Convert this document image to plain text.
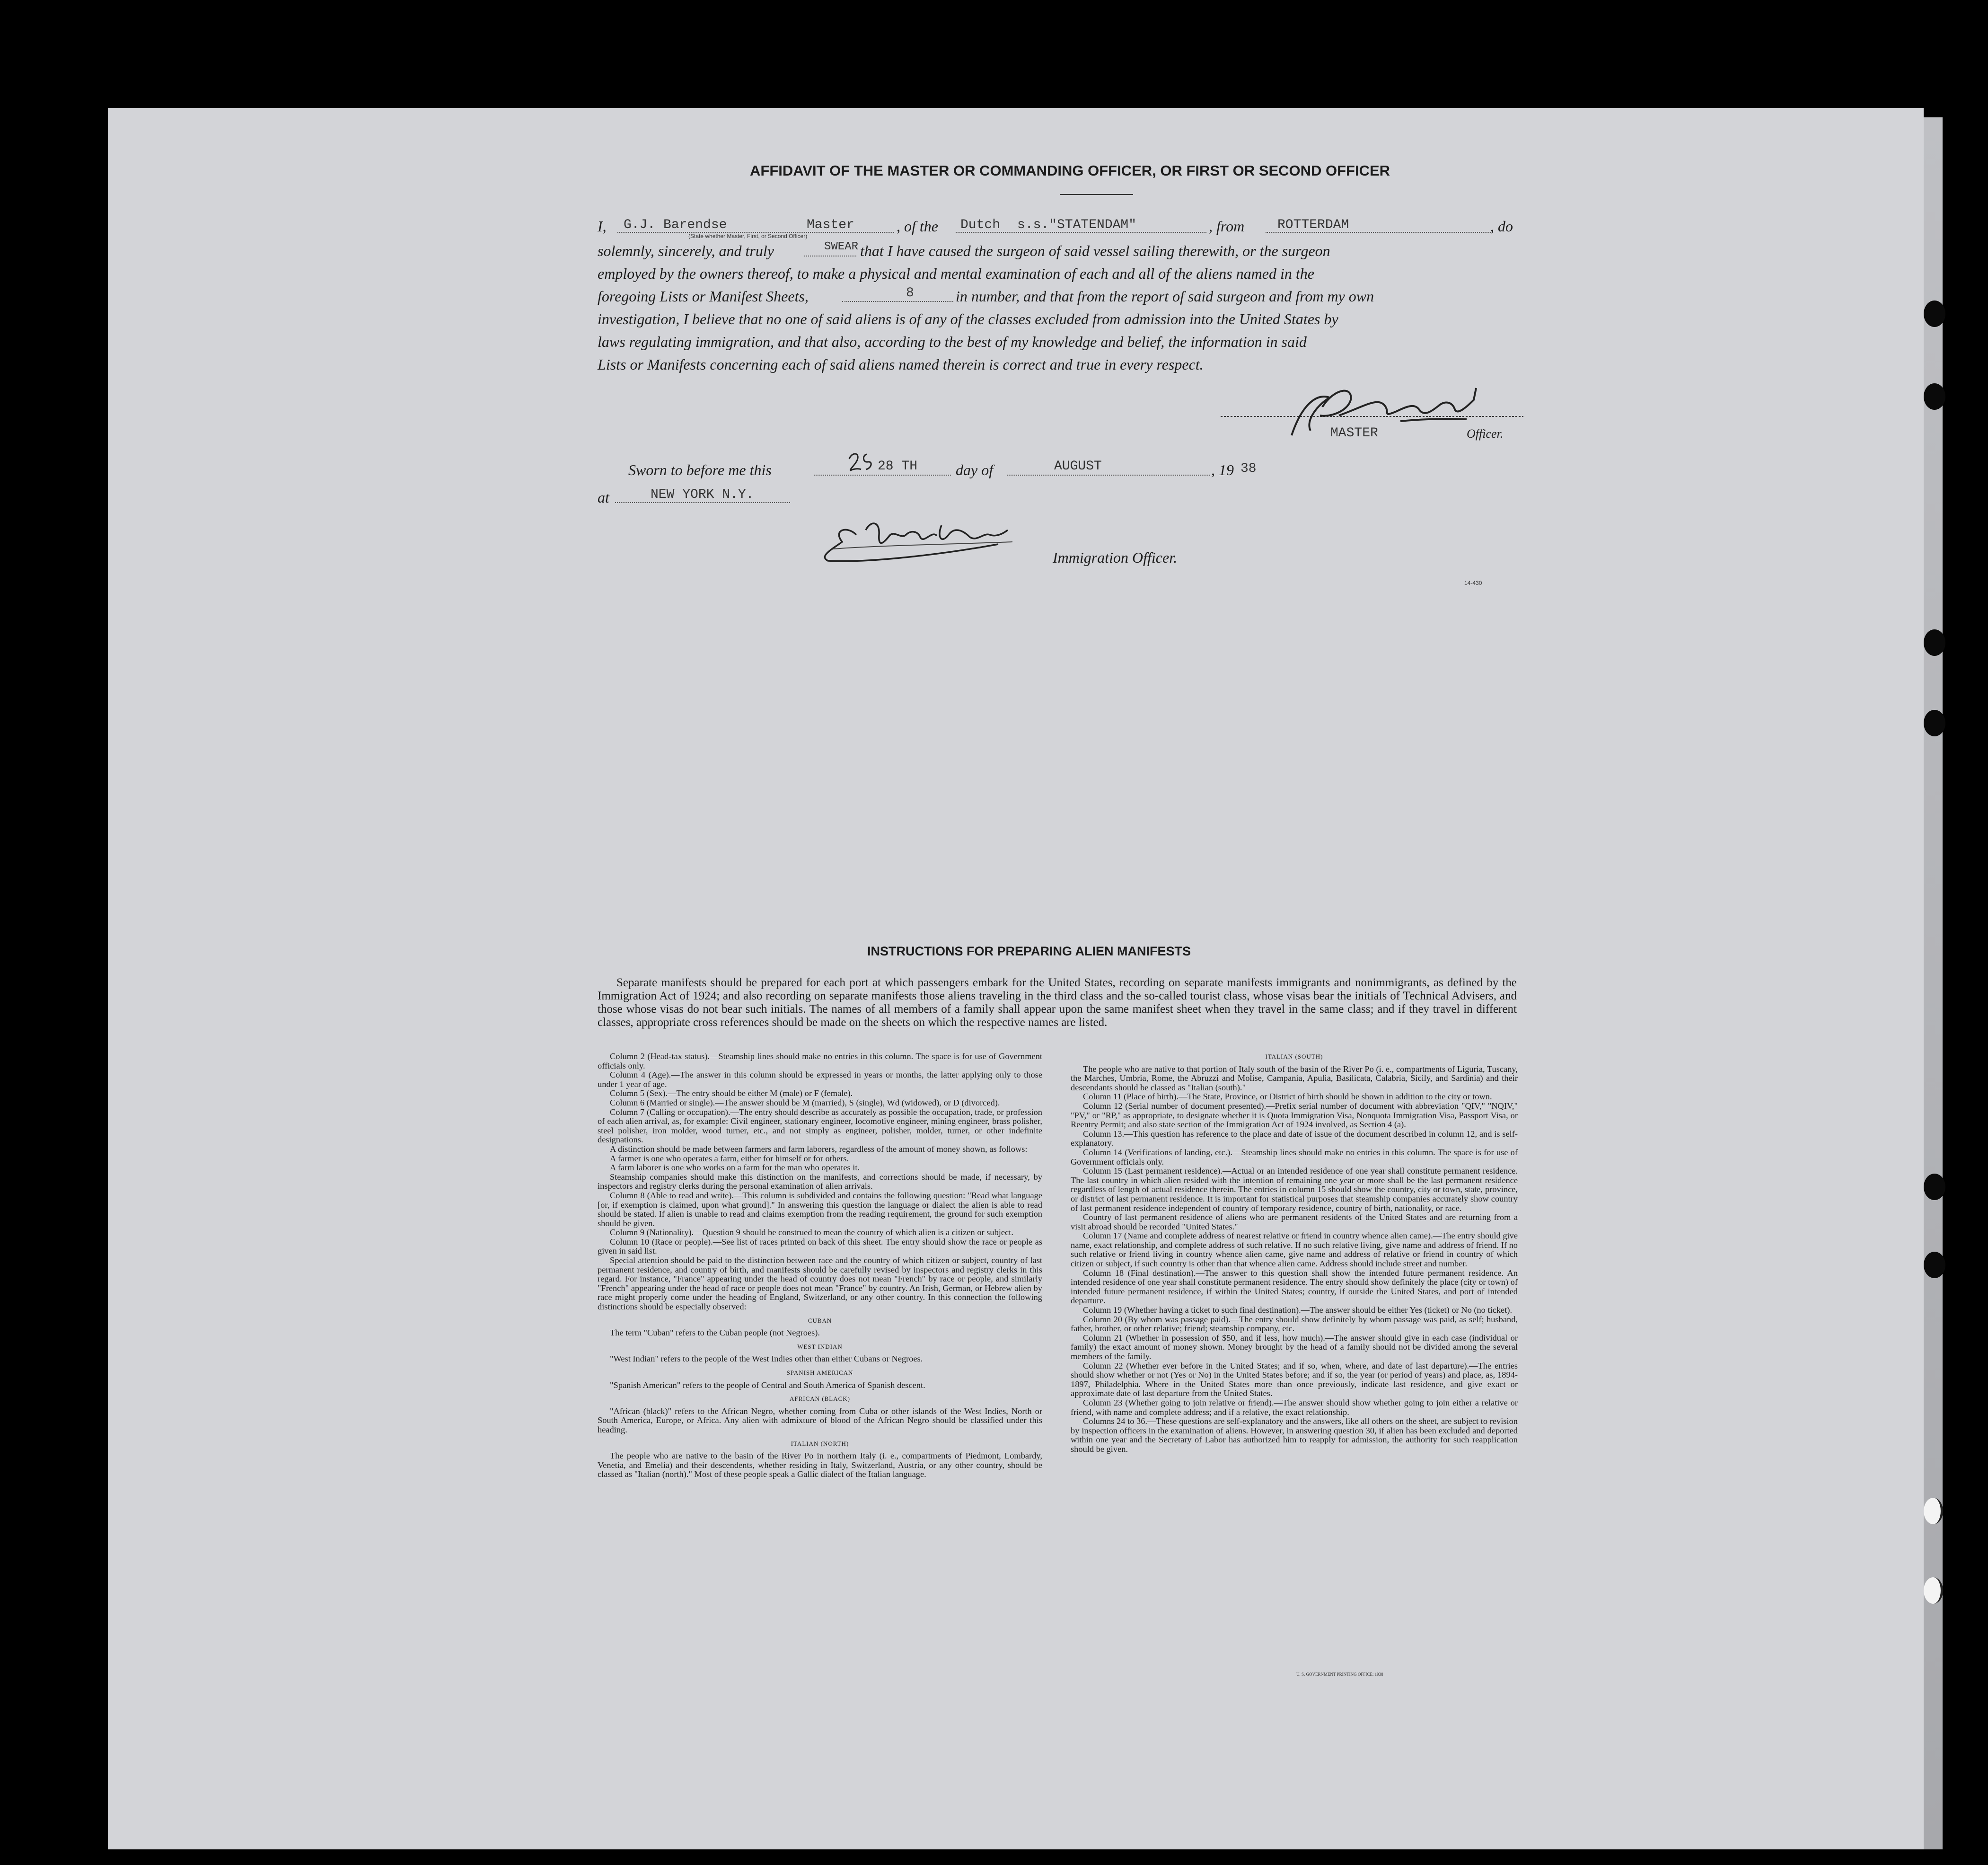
AFFIDAVIT OF THE MASTER OR COMMANDING OFFICER, OR FIRST OR SECOND OFFICER
I, G.J. Barendse	Master	, of the Dutch s.s."STATENDAM"	, from ROTTERDAM	, do
(State whether Master, First, or Second Officer)
solemnly, sincerely, and truly	SWEAR that I have caused the surgeon of said vessel sailing therewith, or the surgeon
employed by the owners thereof, to make a physical and mental examination of each and all of the aliens named in the
foregoing Lists or Manifest Sheets,	8	in number, and that from the report of said surgeon and from my own
investigation, I believe that no one of said aliens is of any of the classes excluded from admission into the United States by
laws regulating immigration, and that also, according to the best of my knowledge and belief, the information in said
Lists or Manifests concerning each of said aliens named therein is correct and true in every respect.
MASTER	Officer.
Sworn to before me this	28 TH	day of	AUGUST	, 19 38
at	NEW YORK N.Y.
Immigration Officer.
14-430
INSTRUCTIONS FOR PREPARING ALIEN MANIFESTS

Separate manifests should be prepared for each port at which passengers embark for the United States, recording on separate manifests immigrants and nonimmigrants, as defined by the Immigration Act of 1924; and also recording on separate manifests those aliens traveling in the third class and the so-called tourist class, whose visas bear the initials of Technical Advisers, and those whose visas do not bear such initials. The names of all members of a family shall appear upon the same manifest sheet when they travel in the same class; and if they travel in different classes, appropriate cross references should be made on the sheets on which the respective names are listed.

Column 2 (Head-tax status).—Steamship lines should make no entries in this column. The space is for use of Government officials only.

Column 4 (Age).—The answer in this column should be expressed in years or months, the latter applying only to those under 1 year of age.

Column 5 (Sex).—The entry should be either M (male) or F (female).

Column 6 (Married or single).—The answer should be M (married), S (single), Wd (widowed), or D (divorced).

Column 7 (Calling or occupation).—The entry should describe as accurately as possible the occupation, trade, or profession of each alien arrival, as, for example: Civil engineer, stationary engineer, locomotive engineer, mining engineer, brass polisher, steel polisher, iron molder, wood turner, etc., and not simply as engineer, polisher, molder, turner, or other indefinite designations.

A distinction should be made between farmers and farm laborers, regardless of the amount of money shown, as follows:

A farmer is one who operates a farm, either for himself or for others.

A farm laborer is one who works on a farm for the man who operates it.

Steamship companies should make this distinction on the manifests, and corrections should be made, if necessary, by inspectors and registry clerks during the personal examination of alien arrivals.

Column 8 (Able to read and write).—This column is subdivided and contains the following question: "Read what language [or, if exemption is claimed, upon what ground]." In answering this question the language or dialect the alien is able to read should be stated. If alien is unable to read and claims exemption from the reading requirement, the ground for such exemption should be given.

Column 9 (Nationality).—Question 9 should be construed to mean the country of which alien is a citizen or subject.

Column 10 (Race or people).—See list of races printed on back of this sheet. The entry should show the race or people as given in said list.

Special attention should be paid to the distinction between race and the country of which citizen or subject, country of last permanent residence, and country of birth, and manifests should be carefully revised by inspectors and registry clerks in this regard. For instance, "France" appearing under the head of country does not mean "French" by race or people, and similarly "French" appearing under the head of race or people does not mean "France" by country. An Irish, German, or Hebrew alien by race might properly come under the heading of England, Switzerland, or any other country. In this connection the following distinctions should be especially observed:

CUBAN

The term "Cuban" refers to the Cuban people (not Negroes).

WEST INDIAN

"West Indian" refers to the people of the West Indies other than either Cubans or Negroes.

SPANISH AMERICAN

"Spanish American" refers to the people of Central and South America of Spanish descent.

AFRICAN (BLACK)

"African (black)" refers to the African Negro, whether coming from Cuba or other islands of the West Indies, North or South America, Europe, or Africa. Any alien with admixture of blood of the African Negro should be classified under this heading.

ITALIAN (NORTH)

The people who are native to the basin of the River Po in northern Italy (i. e., compartments of Piedmont, Lombardy, Venetia, and Emelia) and their descendents, whether residing in Italy, Switzerland, Austria, or any other country, should be classed as "Italian (north)." Most of these people speak a Gallic dialect of the Italian language.

ITALIAN (SOUTH)

The people who are native to that portion of Italy south of the basin of the River Po (i. e., compartments of Liguria, Tuscany, the Marches, Umbria, Rome, the Abruzzi and Molise, Campania, Apulia, Basilicata, Calabria, Sicily, and Sardinia) and their descendants should be classed as "Italian (south)."

Column 11 (Place of birth).—The State, Province, or District of birth should be shown in addition to the city or town.

Column 12 (Serial number of document presented).—Prefix serial number of document with abbreviation "QIV," "NQIV," "PV," or "RP," as appropriate, to designate whether it is Quota Immigration Visa, Nonquota Immigration Visa, Passport Visa, or Reentry Permit; and also state section of the Immigration Act of 1924 involved, as Section 4 (a).

Column 13.—This question has reference to the place and date of issue of the document described in column 12, and is self-explanatory.

Column 14 (Verifications of landing, etc.).—Steamship lines should make no entries in this column. The space is for use of Government officials only.

Column 15 (Last permanent residence).—Actual or an intended residence of one year shall constitute permanent residence. The last country in which alien resided with the intention of remaining one year or more shall be the last permanent residence regardless of length of actual residence therein. The entries in column 15 should show the country, city or town, state, province, or district of last permanent residence. It is important for statistical purposes that steamship companies accurately show country of last permanent residence independent of country of temporary residence, country of birth, nationality, or race.

Country of last permanent residence of aliens who are permanent residents of the United States and are returning from a visit abroad should be recorded "United States."

Column 17 (Name and complete address of nearest relative or friend in country whence alien came).—The entry should give name, exact relationship, and complete address of such relative. If no such relative living, give name and address of friend. If no such relative or friend living in country whence alien came, give name and address of relative or friend in country of which citizen or subject, if such country is other than that whence alien came. Address should include street and number.

Column 18 (Final destination).—The answer to this question shall show the intended future permanent residence. An intended residence of one year shall constitute permanent residence. The entry should show definitely the place (city or town) of intended future permanent residence, if within the United States; country, if outside the United States, and port of intended departure.

Column 19 (Whether having a ticket to such final destination).—The answer should be either Yes (ticket) or No (no ticket).

Column 20 (By whom was passage paid).—The entry should show definitely by whom passage was paid, as self; husband, father, brother, or other relative; friend; steamship company, etc.

Column 21 (Whether in possession of $50, and if less, how much).—The answer should give in each case (individual or family) the exact amount of money shown. Money brought by the head of a family should not be divided among the several members of the family.

Column 22 (Whether ever before in the United States; and if so, when, where, and date of last departure).—The entries should show whether or not (Yes or No) in the United States before; and if so, the year (or period of years) and place, as, 1894-1897, Philadelphia. Where in the United States more than once previously, indicate last residence, and give exact or approximate date of last departure from the United States.

Column 23 (Whether going to join relative or friend).—The answer should show whether going to join either a relative or friend, with name and complete address; and if a relative, the exact relationship.

Columns 24 to 36.—These questions are self-explanatory and the answers, like all others on the sheet, are subject to revision by inspection officers in the examination of aliens. However, in answering question 30, if alien has been excluded and deported within one year and the Secretary of Labor has authorized him to reapply for admission, the authority for such reapplication should be given.

U. S. GOVERNMENT PRINTING OFFICE: 1938
